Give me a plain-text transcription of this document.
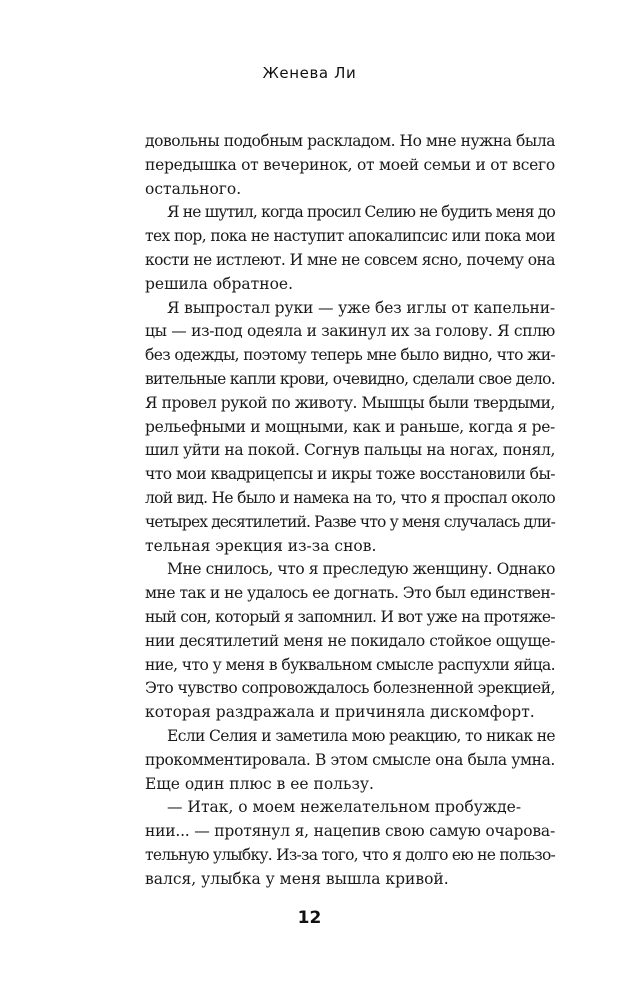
Женева Ли
довольны подобным раскладом. Но мне нужна была
передышка от вечеринок, от моей семьи и от всего
остального.
Я не шутил, когда просил Селию не будить меня до
тех пор, пока не наступит апокалипсис или пока мои
кости не истлеют. И мне не совсем ясно, почему она
решила обратное.
Я выпростал руки — уже без иглы от капельни-
цы — из-под одеяла и закинул их за голову. Я сплю
без одежды, поэтому теперь мне было видно, что жи-
вительные капли крови, очевидно, сделали свое дело.
Я провел рукой по животу. Мышцы были твердыми,
рельефными и мощными, как и раньше, когда я ре-
шил уйти на покой. Согнув пальцы на ногах, понял,
что мои квадрицепсы и икры тоже восстановили бы-
лой вид. Не было и намека на то, что я проспал около
четырех десятилетий. Разве что у меня случалась дли-
тельная эрекция из-за снов.
Мне снилось, что я преследую женщину. Однако
мне так и не удалось ее догнать. Это был единствен-
ный сон, который я запомнил. И вот уже на протяже-
нии десятилетий меня не покидало стойкое ощуще-
ние, что у меня в буквальном смысле распухли яйца.
Это чувство сопровождалось болезненной эрекцией,
которая раздражала и причиняла дискомфорт.
Если Селия и заметила мою реакцию, то никак не
прокомментировала. В этом смысле она была умна.
Еще один плюс в ее пользу.
— Итак, о моем нежелательном пробужде-
нии... — протянул я, нацепив свою самую очарова-
тельную улыбку. Из-за того, что я долго ею не пользо-
вался, улыбка у меня вышла кривой.
12
